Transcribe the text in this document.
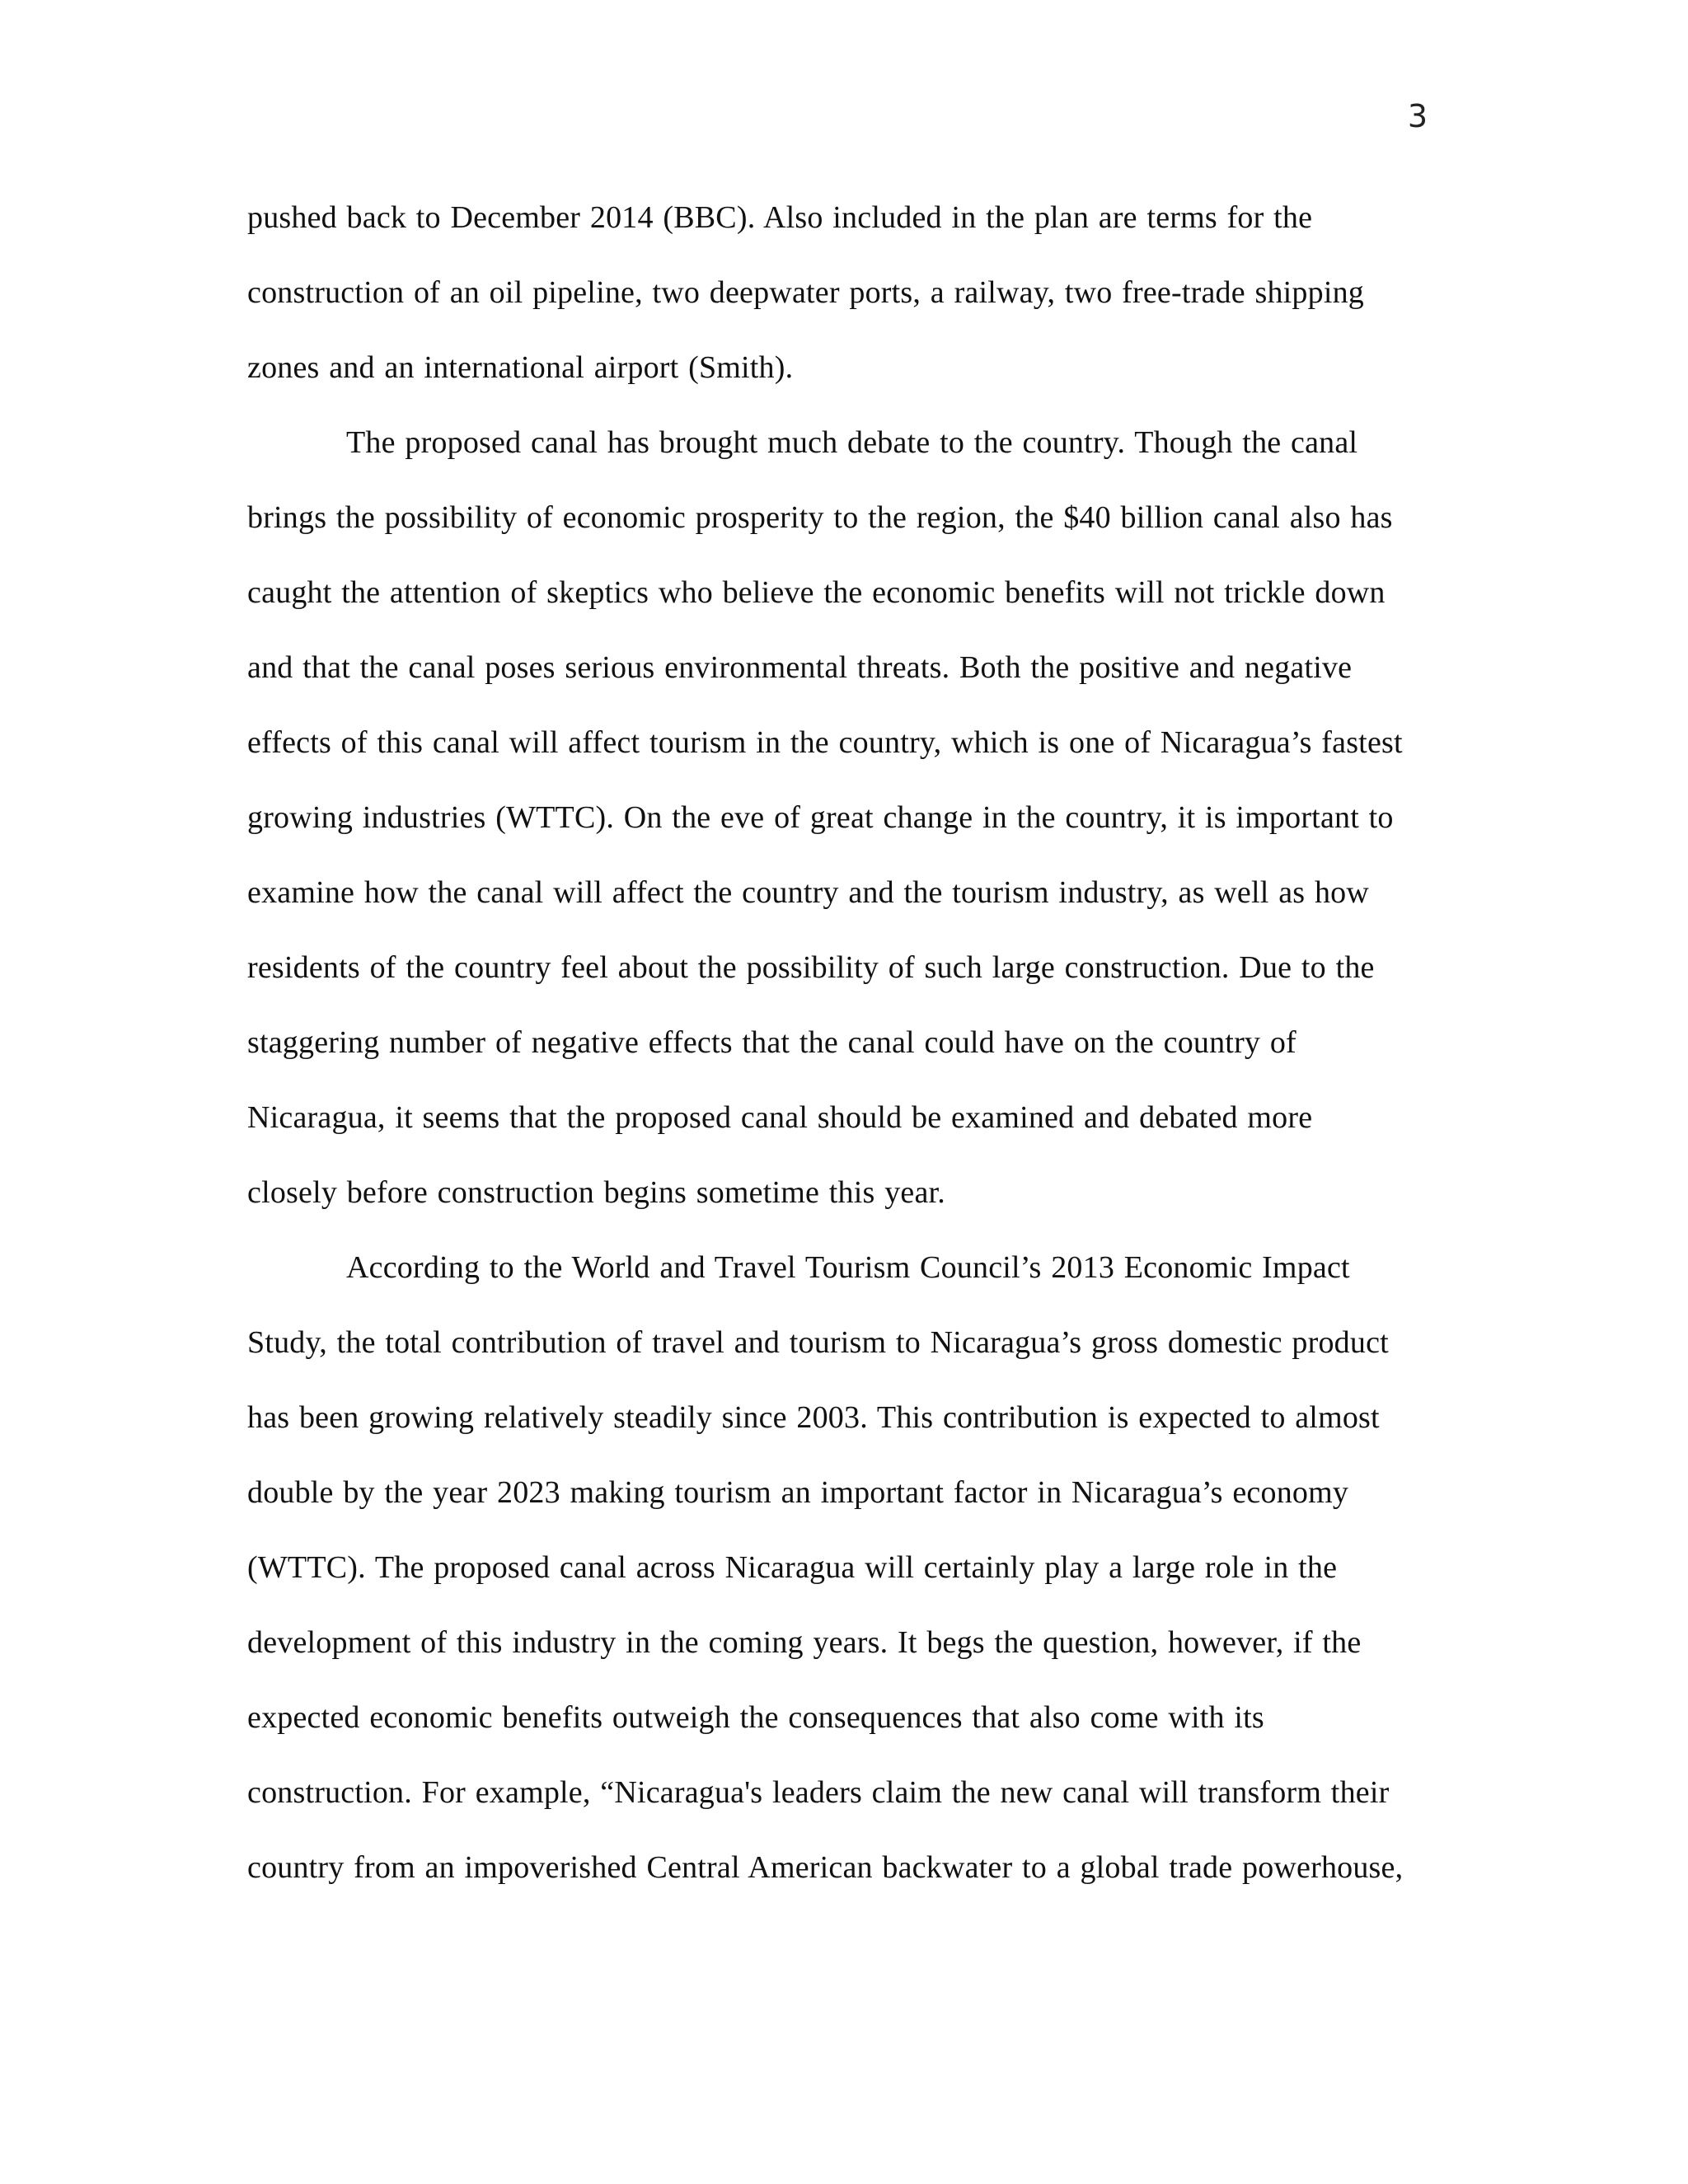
3
pushed back to December 2014 (BBC). Also included in the plan are terms for the
construction of an oil pipeline, two deepwater ports, a railway, two free-trade shipping
zones and an international airport (Smith).
The proposed canal has brought much debate to the country. Though the canal
brings the possibility of economic prosperity to the region, the $40 billion canal also has
caught the attention of skeptics who believe the economic benefits will not trickle down
and that the canal poses serious environmental threats. Both the positive and negative
effects of this canal will affect tourism in the country, which is one of Nicaragua’s fastest
growing industries (WTTC). On the eve of great change in the country, it is important to
examine how the canal will affect the country and the tourism industry, as well as how
residents of the country feel about the possibility of such large construction. Due to the
staggering number of negative effects that the canal could have on the country of
Nicaragua, it seems that the proposed canal should be examined and debated more
closely before construction begins sometime this year.
According to the World and Travel Tourism Council’s 2013 Economic Impact
Study, the total contribution of travel and tourism to Nicaragua’s gross domestic product
has been growing relatively steadily since 2003. This contribution is expected to almost
double by the year 2023 making tourism an important factor in Nicaragua’s economy
(WTTC). The proposed canal across Nicaragua will certainly play a large role in the
development of this industry in the coming years. It begs the question, however, if the
expected economic benefits outweigh the consequences that also come with its
construction. For example, “Nicaragua's leaders claim the new canal will transform their
country from an impoverished Central American backwater to a global trade powerhouse,
